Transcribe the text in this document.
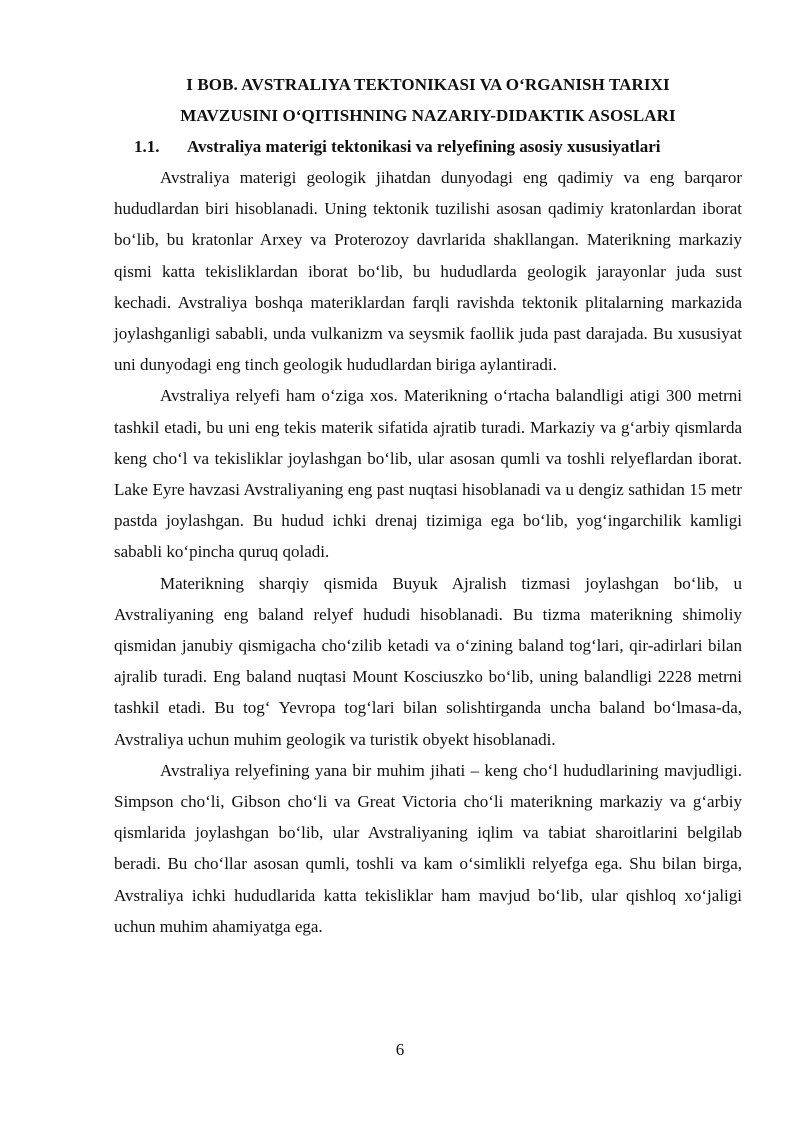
I BOB. AVSTRALIYA TEKTONIKASI VA O‘RGANISH TARIXI

MAVZUSINI O‘QITISHNING NAZARIY-DIDAKTIK ASOSLARI

1.1. Avstraliya materigi tektonikasi va relyefining asosiy xususiyatlari

Avstraliya materigi geologik jihatdan dunyodagi eng qadimiy va eng barqaror hududlardan biri hisoblanadi. Uning tektonik tuzilishi asosan qadimiy kratonlardan iborat bo‘lib, bu kratonlar Arxey va Proterozoy davrlarida shakllangan. Materikning markaziy qismi katta tekisliklardan iborat bo‘lib, bu hududlarda geologik jarayonlar juda sust kechadi. Avstraliya boshqa materiklardan farqli ravishda tektonik plitalarning markazida joylashganligi sababli, unda vulkanizm va seysmik faollik juda past darajada. Bu xususiyat uni dunyodagi eng tinch geologik hududlardan biriga aylantiradi.

Avstraliya relyefi ham o‘ziga xos. Materikning o‘rtacha balandligi atigi 300 metrni tashkil etadi, bu uni eng tekis materik sifatida ajratib turadi. Markaziy va g‘arbiy qismlarda keng cho‘l va tekisliklar joylashgan bo‘lib, ular asosan qumli va toshli relyeflardan iborat. Lake Eyre havzasi Avstraliyaning eng past nuqtasi hisoblanadi va u dengiz sathidan 15 metr pastda joylashgan. Bu hudud ichki drenaj tizimiga ega bo‘lib, yog‘ingarchilik kamligi sababli ko‘pincha quruq qoladi.

Materikning sharqiy qismida Buyuk Ajralish tizmasi joylashgan bo‘lib, u Avstraliyaning eng baland relyef hududi hisoblanadi. Bu tizma materikning shimoliy qismidan janubiy qismigacha cho‘zilib ketadi va o‘zining baland tog‘lari, qir-adirlari bilan ajralib turadi. Eng baland nuqtasi Mount Kosciuszko bo‘lib, uning balandligi 2228 metrni tashkil etadi. Bu tog‘ Yevropa tog‘lari bilan solishtirganda uncha baland bo‘lmasa-da, Avstraliya uchun muhim geologik va turistik obyekt hisoblanadi.

Avstraliya relyefining yana bir muhim jihati – keng cho‘l hududlarining mavjudligi. Simpson cho‘li, Gibson cho‘li va Great Victoria cho‘li materikning markaziy va g‘arbiy qismlarida joylashgan bo‘lib, ular Avstraliyaning iqlim va tabiat sharoitlarini belgilab beradi. Bu cho‘llar asosan qumli, toshli va kam o‘simlikli relyefga ega. Shu bilan birga, Avstraliya ichki hududlarida katta tekisliklar ham mavjud bo‘lib, ular qishloq xo‘jaligi uchun muhim ahamiyatga ega.

6
